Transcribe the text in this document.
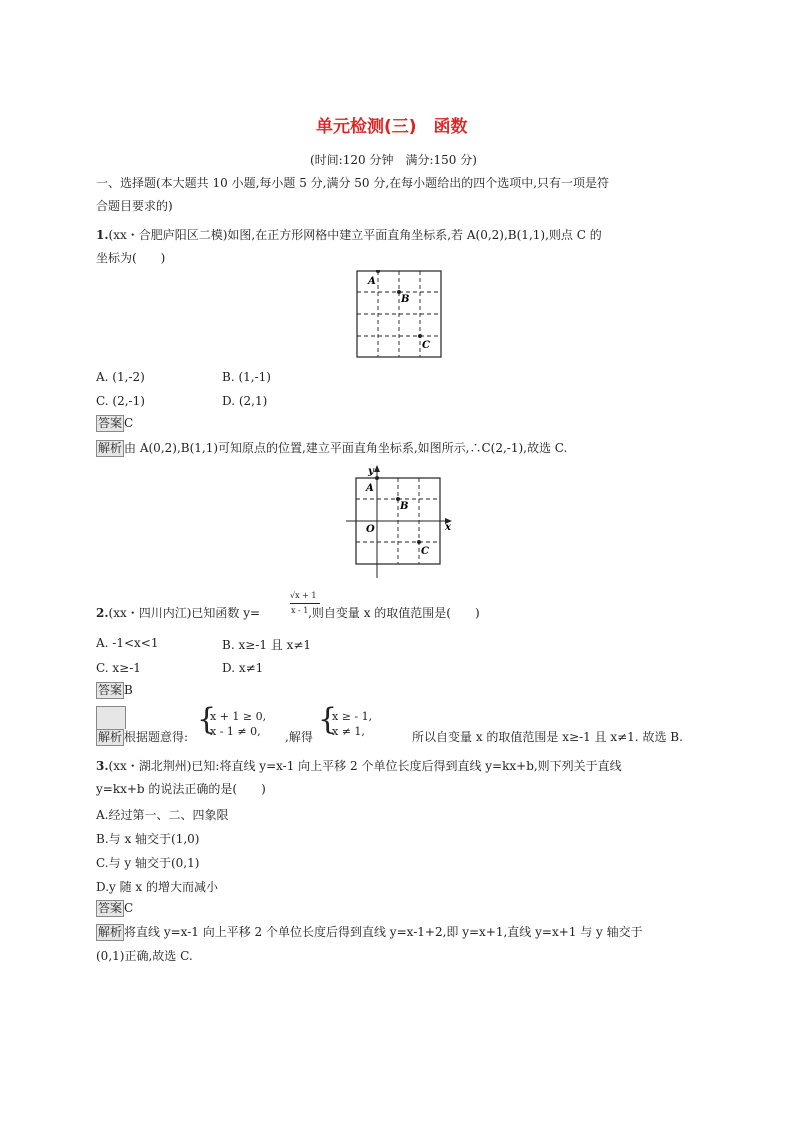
单元检测(三)　函数
(时间:120 分钟　满分:150 分)
一、选择题(本大题共 10 小题,每小题 5 分,满分 50 分,在每小题给出的四个选项中,只有一项是符
合题目要求的)
1.(xx・合肥庐阳区二模)如图,在正方形网格中建立平面直角坐标系,若 A(0,2),B(1,1),则点 C 的
坐标为(　　)
A
B
C
A. (1,-2)	B. (1,-1)
C. (2,-1)	D. (2,1)
答案 C
解析 由 A(0,2),B(1,1)可知原点的位置,建立平面直角坐标系,如图所示,∴C(2,-1),故选 C.
y
x
A
B
C
O
2.(xx・四川内江)已知函数 y=	,则自变量 x 的取值范围是(　　)
√x + 1
x - 1
A. -1<x<1	B. x≥-1 且 x≠1
C. x≥-1	D. x≠1
答案 B
解析 根据题意得: {
x + 1 ≥ 0,
x - 1 ≠ 0, ,解得 {
x ≥ - 1,
x ≠ 1,	所以自变量 x 的取值范围是 x≥-1 且 x≠1. 故选 B.
3.(xx・湖北荆州)已知:将直线 y=x-1 向上平移 2 个单位长度后得到直线 y=kx+b,则下列关于直线
y=kx+b 的说法正确的是(　　)
A.经过第一、二、四象限
B.与 x 轴交于(1,0)
C.与 y 轴交于(0,1)
D.y 随 x 的增大而减小
答案 C
解析 将直线 y=x-1 向上平移 2 个单位长度后得到直线 y=x-1+2,即 y=x+1,直线 y=x+1 与 y 轴交于
(0,1)正确,故选 C.
